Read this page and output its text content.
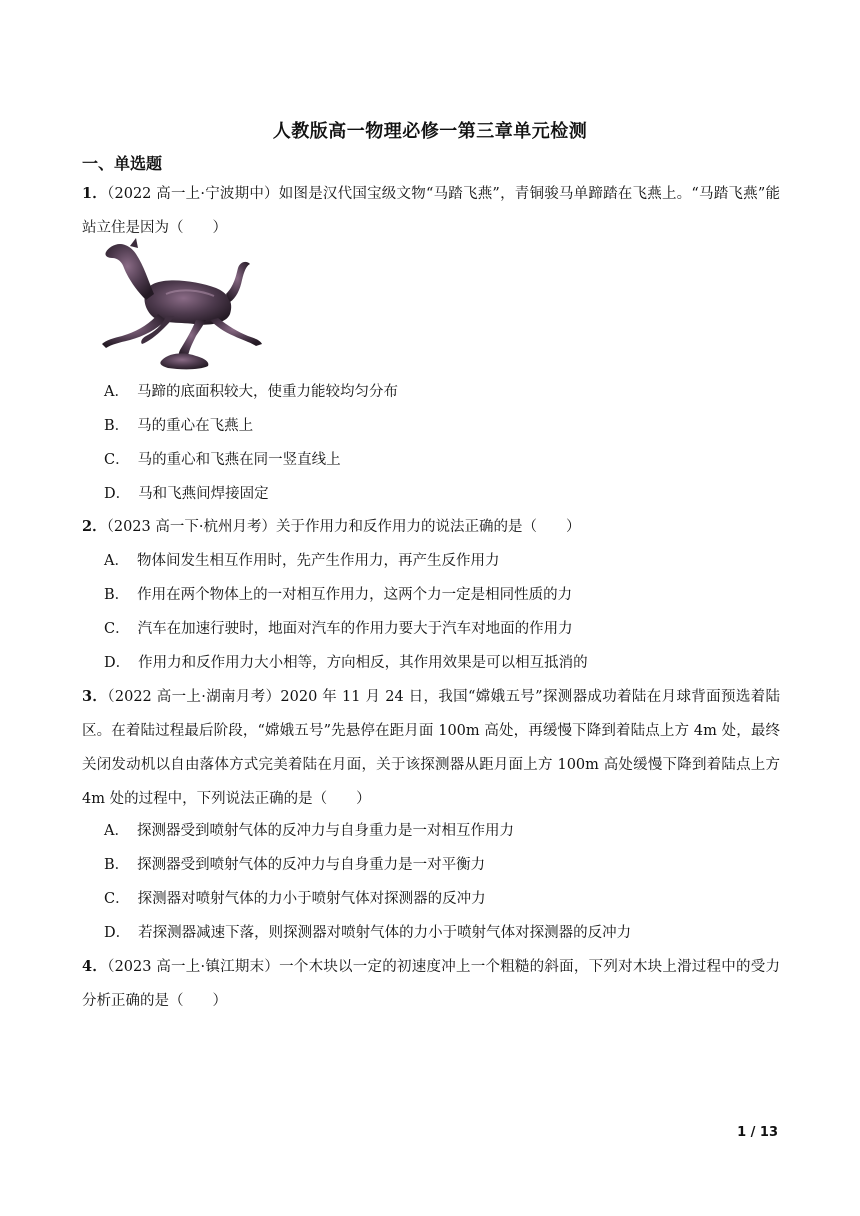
人教版高一物理必修一第三章单元检测
一、单选题
1．（2022 高一上·宁波期中）如图是汉代国宝级文物“马踏飞燕”，青铜骏马单蹄踏在飞燕上。“马踏飞燕”能站立住是因为（　　）
A． 马蹄的底面积较大，使重力能较均匀分布
B． 马的重心在飞燕上
C． 马的重心和飞燕在同一竖直线上
D． 马和飞燕间焊接固定
2．（2023 高一下·杭州月考）关于作用力和反作用力的说法正确的是（　　）
A． 物体间发生相互作用时，先产生作用力，再产生反作用力
B． 作用在两个物体上的一对相互作用力，这两个力一定是相同性质的力
C． 汽车在加速行驶时，地面对汽车的作用力要大于汽车对地面的作用力
D． 作用力和反作用力大小相等，方向相反，其作用效果是可以相互抵消的
3．（2022 高一上·湖南月考）2020 年 11 月 24 日，我国“嫦娥五号”探测器成功着陆在月球背面预选着陆区。在着陆过程最后阶段，“嫦娥五号”先悬停在距月面 100m 高处，再缓慢下降到着陆点上方 4m 处，最终关闭发动机以自由落体方式完美着陆在月面，关于该探测器从距月面上方 100m 高处缓慢下降到着陆点上方 4m 处的过程中，下列说法正确的是（　　）
A． 探测器受到喷射气体的反冲力与自身重力是一对相互作用力
B． 探测器受到喷射气体的反冲力与自身重力是一对平衡力
C． 探测器对喷射气体的力小于喷射气体对探测器的反冲力
D． 若探测器减速下落，则探测器对喷射气体的力小于喷射气体对探测器的反冲力
4．（2023 高一上·镇江期末）一个木块以一定的初速度冲上一个粗糙的斜面，下列对木块上滑过程中的受力分析正确的是（　　）
1 / 13
